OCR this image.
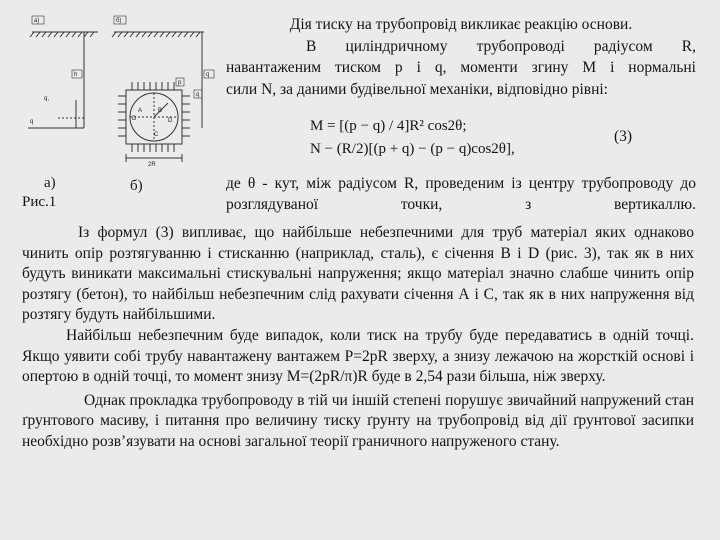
а)	б)
h	q
q,
q
p
q
A	B
C
D	D
2R
а)	б)
Рис.1
Дія тиску на трубопровід викликає реакцію основи.
В циліндричному трубопроводі радіусом R,
навантаженим тиском р і q, моменти згину М і нормальні
сили N, за даними будівельної механіки, відповідно рівні:
M = [(p − q) / 4]R² cos2θ;
N − (R/2)[(p + q) − (p − q)cos2θ],
(3)
де θ - кут, між радіусом R, проведеним із центру трубопроводу до розглядуваної точки, з вертикаллю.

Із формул (3) випливає, що найбільше небезпечними для труб матеріал яких однаково чинить опір розтягуванню і стисканню (наприклад, сталь), є січення В і D (рис. 3), так як в них будуть виникати максимальні стискувальні напруження; якщо матеріал значно слабше чинить опір розтягу (бетон), то найбільш небезпечним слід рахувати січення А і С, так як в них напруження від розтягу будуть найбільшими.

Найбільш небезпечним буде випадок, коли тиск на трубу буде передаватись в одній точці. Якщо уявити собі трубу навантажену вантажем P=2pR зверху, а знизу лежачою на жорсткій основі і опертою в одній точці, то момент знизу M=(2pR/π)R буде в 2,54 рази більша, ніж зверху.

Однак прокладка трубопроводу в тій чи іншій степені порушує звичайний напружений стан ґрунтового масиву, і питання про величину тиску ґрунту на трубопровід від дії ґрунтової засипки необхідно розв’язувати на основі загальної теорії граничного напруженого стану.
